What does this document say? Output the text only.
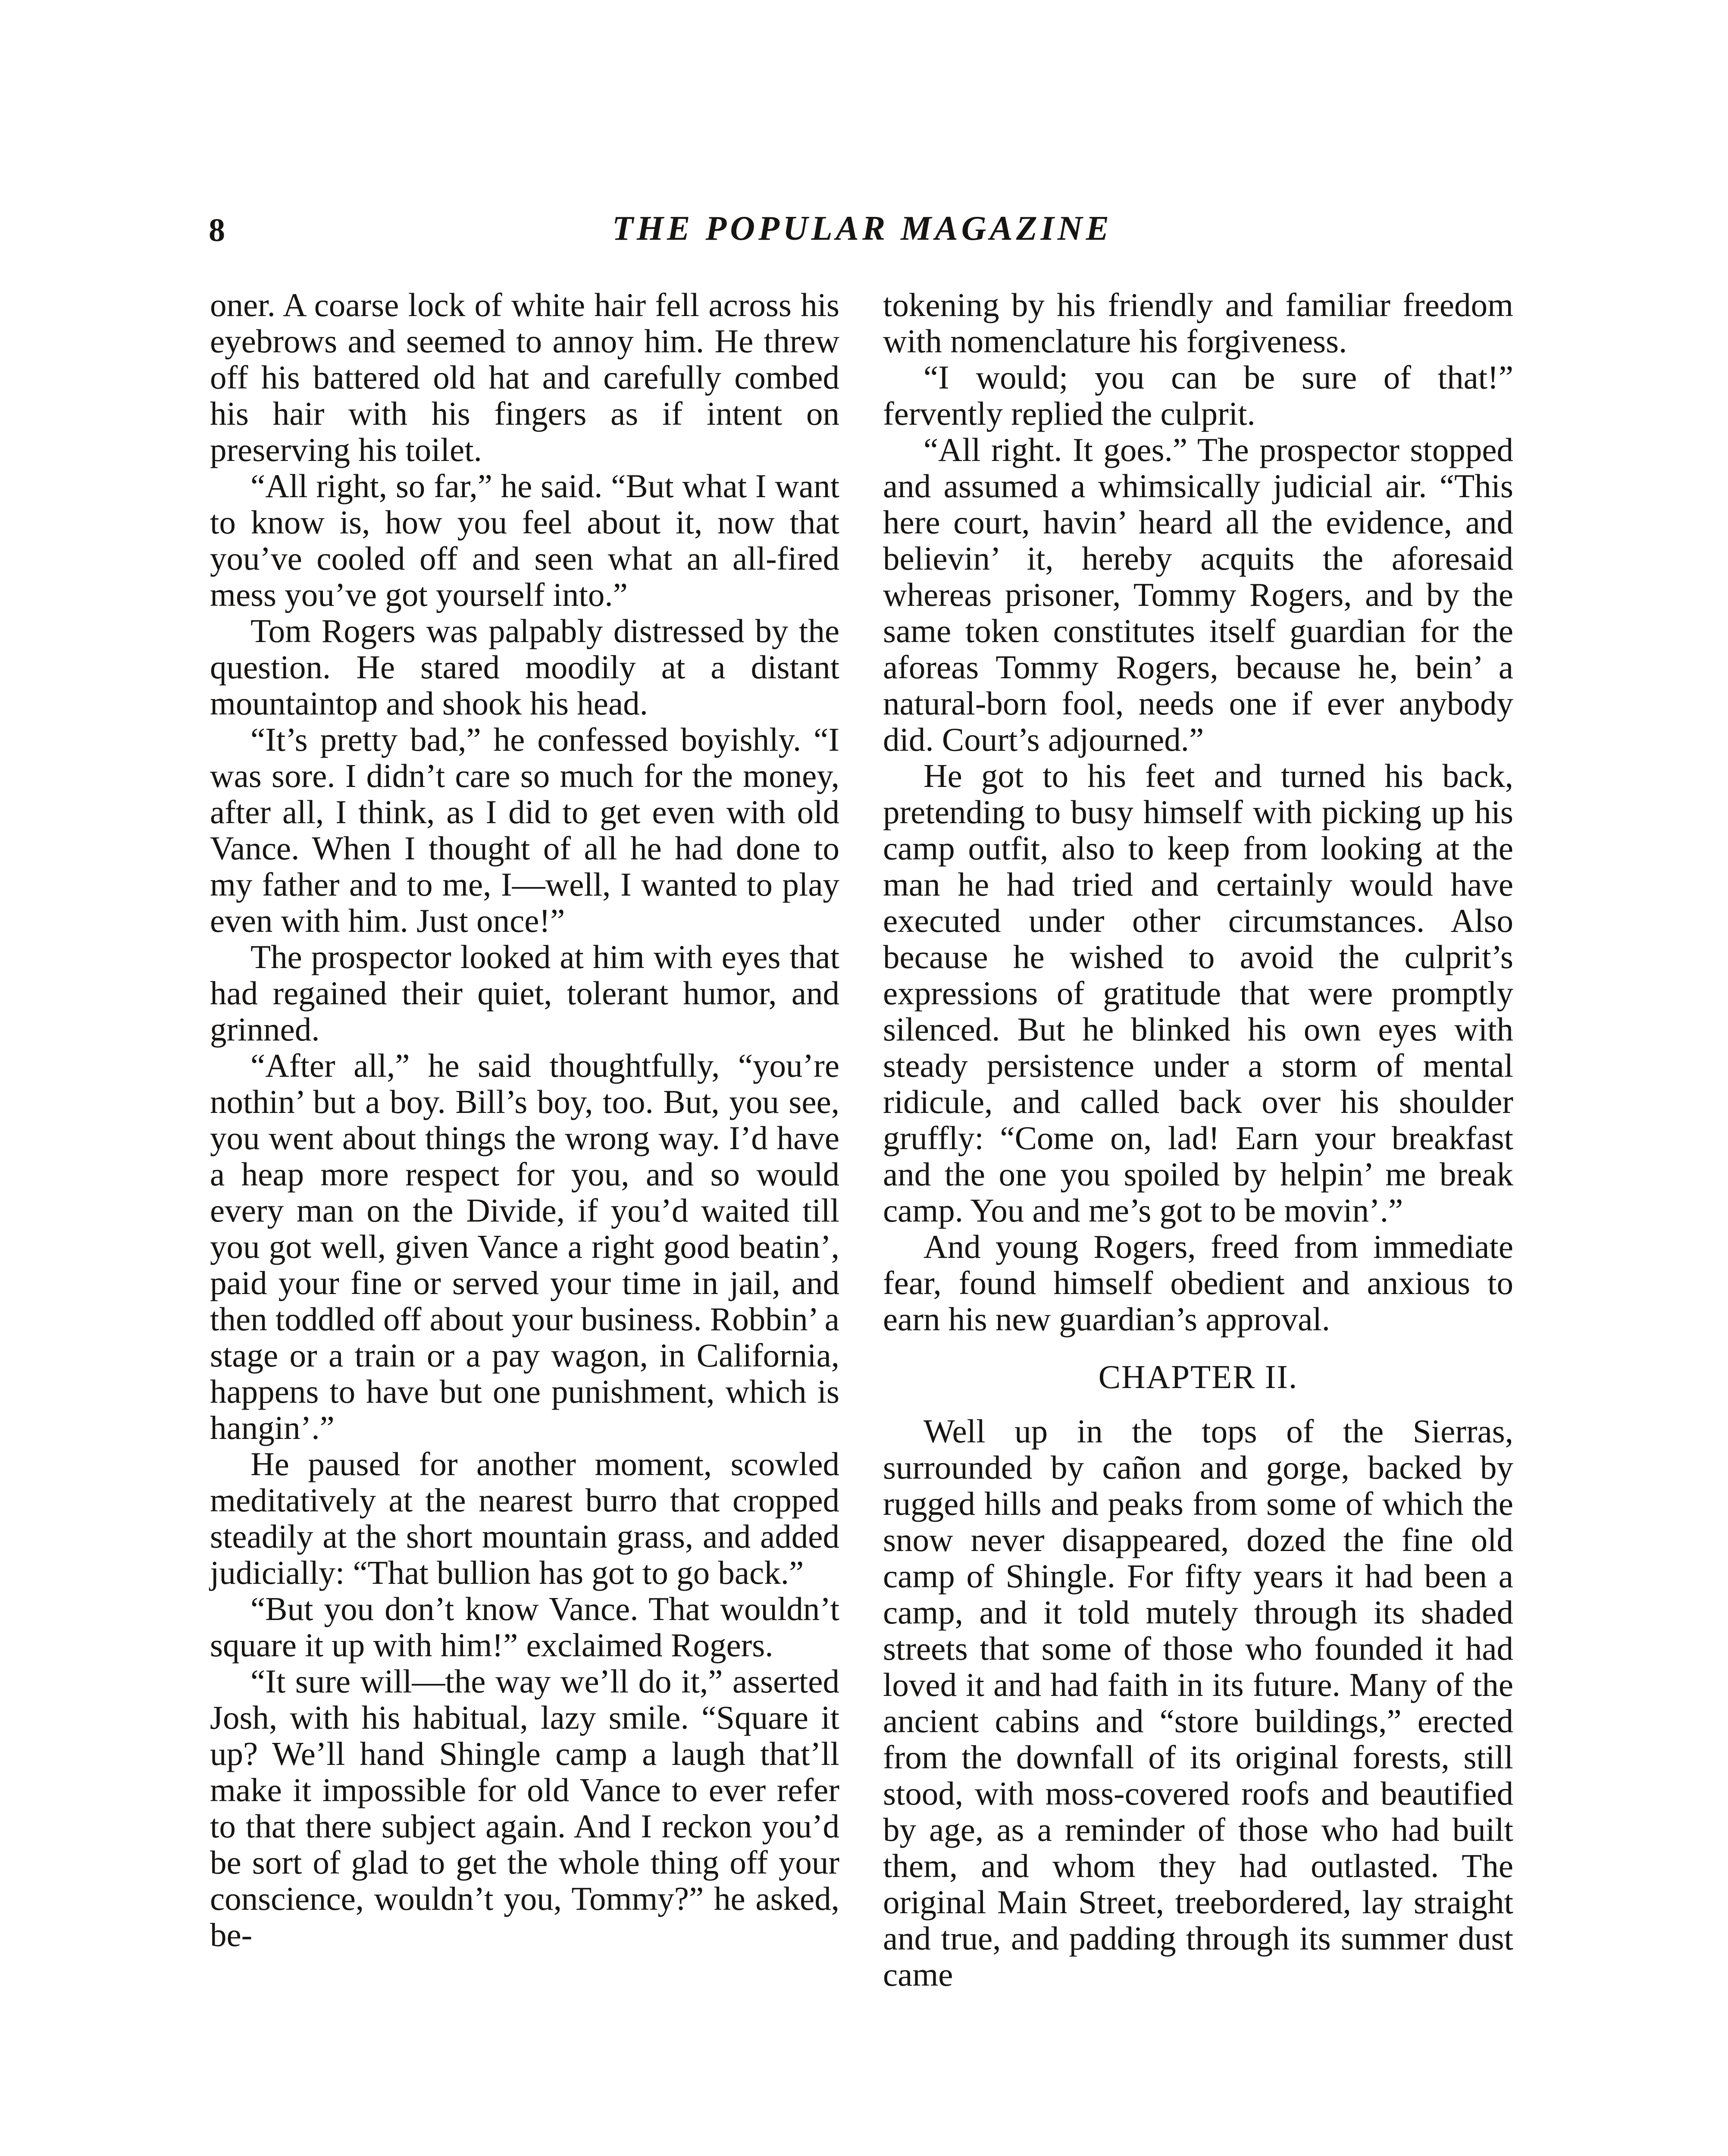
8	THE POPULAR MAGAZINE

oner. A coarse lock of white hair fell across his eyebrows and seemed to annoy him. He threw off his battered old hat and carefully combed his hair with his fingers as if intent on preserving his toilet.

“All right, so far,” he said. “But what I want to know is, how you feel about it, now that you’ve cooled off and seen what an all-fired mess you’ve got yourself into.”

Tom Rogers was palpably distressed by the question. He stared moodily at a distant mountaintop and shook his head.

“It’s pretty bad,” he confessed boyishly. “I was sore. I didn’t care so much for the money, after all, I think, as I did to get even with old Vance. When I thought of all he had done to my father and to me, I—well, I wanted to play even with him. Just once!”

The prospector looked at him with eyes that had regained their quiet, tolerant humor, and grinned.

“After all,” he said thoughtfully, “you’re nothin’ but a boy. Bill’s boy, too. But, you see, you went about things the wrong way. I’d have a heap more respect for you, and so would every man on the Divide, if you’d waited till you got well, given Vance a right good beatin’, paid your fine or served your time in jail, and then toddled off about your business. Robbin’ a stage or a train or a pay wagon, in California, happens to have but one punishment, which is hangin’.”

He paused for another moment, scowled meditatively at the nearest burro that cropped steadily at the short mountain grass, and added judicially: “That bullion has got to go back.”

“But you don’t know Vance. That wouldn’t square it up with him!” exclaimed Rogers.

“It sure will—the way we’ll do it,” asserted Josh, with his habitual, lazy smile. “Square it up? We’ll hand Shingle camp a laugh that’ll make it impossible for old Vance to ever refer to that there subject again. And I reckon you’d be sort of glad to get the whole thing off your conscience, wouldn’t you, Tommy?” he asked, be-

tokening by his friendly and familiar freedom with nomenclature his forgiveness.

“I would; you can be sure of that!” fervently replied the culprit.

“All right. It goes.” The prospector stopped and assumed a whimsically judicial air. “This here court, havin’ heard all the evidence, and believin’ it, hereby acquits the aforesaid whereas prisoner, Tommy Rogers, and by the same token constitutes itself guardian for the aforeas Tommy Rogers, because he, bein’ a natural-born fool, needs one if ever anybody did. Court’s adjourned.”

He got to his feet and turned his back, pretending to busy himself with picking up his camp outfit, also to keep from looking at the man he had tried and certainly would have executed under other circumstances. Also because he wished to avoid the culprit’s expressions of gratitude that were promptly silenced. But he blinked his own eyes with steady persistence under a storm of mental ridicule, and called back over his shoulder gruffly: “Come on, lad! Earn your breakfast and the one you spoiled by helpin’ me break camp. You and me’s got to be movin’.”

And young Rogers, freed from immediate fear, found himself obedient and anxious to earn his new guardian’s approval.

CHAPTER II.

Well up in the tops of the Sierras, surrounded by cañon and gorge, backed by rugged hills and peaks from some of which the snow never disappeared, dozed the fine old camp of Shingle. For fifty years it had been a camp, and it told mutely through its shaded streets that some of those who founded it had loved it and had faith in its future. Many of the ancient cabins and “store buildings,” erected from the downfall of its original forests, still stood, with moss-covered roofs and beautified by age, as a reminder of those who had built them, and whom they had outlasted. The original Main Street, treebordered, lay straight and true, and padding through its summer dust came
